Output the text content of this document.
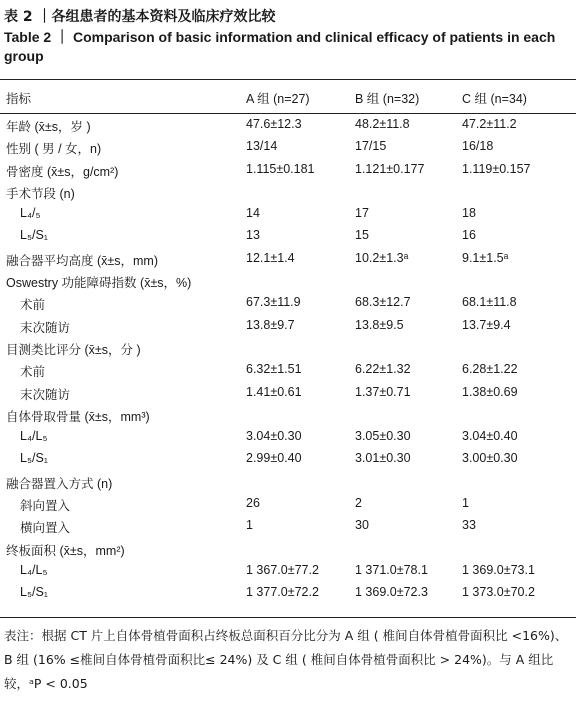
表 2 ｜各组患者的基本资料及临床疗效比较
Table 2 ｜ Comparison of basic information and clinical efficacy of patients in each group
指标	A 组 (n=27)	B 组 (n=32)	C 组 (n=34)
年龄 (x̄±s，岁 )	47.6±12.3	48.2±11.8	47.2±11.2
性别 ( 男 / 女，n)	13/14	17/15	16/18
骨密度 (x̄±s，g/cm²)	1.115±0.181	1.121±0.177	1.119±0.157
手术节段 (n)
L₄/₅	14	17	18
L₅/S₁	13	15	16
融合器平均高度 (x̄±s，mm)	12.1±1.4	10.2±1.3ᵃ	9.1±1.5ᵃ
Oswestry 功能障碍指数 (x̄±s，%)
术前	67.3±11.9	68.3±12.7	68.1±11.8
末次随访	13.8±9.7	13.8±9.5	13.7±9.4
目测类比评分 (x̄±s，分 )
术前	6.32±1.51	6.22±1.32	6.28±1.22
末次随访	1.41±0.61	1.37±0.71	1.38±0.69
自体骨取骨量 (x̄±s，mm³)
L₄/L₅	3.04±0.30	3.05±0.30	3.04±0.40
L₅/S₁	2.99±0.40	3.01±0.30	3.00±0.30
融合器置入方式 (n)
斜向置入	26	2	1
横向置入	1	30	33
终板面积 (x̄±s，mm²)
L₄/L₅	1 367.0±77.2	1 371.0±78.1	1 369.0±73.1
L₅/S₁	1 377.0±72.2	1 369.0±72.3	1 373.0±70.2
表注：根据 CT 片上自体骨植骨面积占终板总面积百分比分为 A 组 ( 椎间自体骨植骨面积比 <16%)、B 组 (16% ≤椎间自体骨植骨面积比≤ 24%) 及 C 组 ( 椎间自体骨植骨面积比 > 24%)。与 A 组比较，ᵃP < 0.05
